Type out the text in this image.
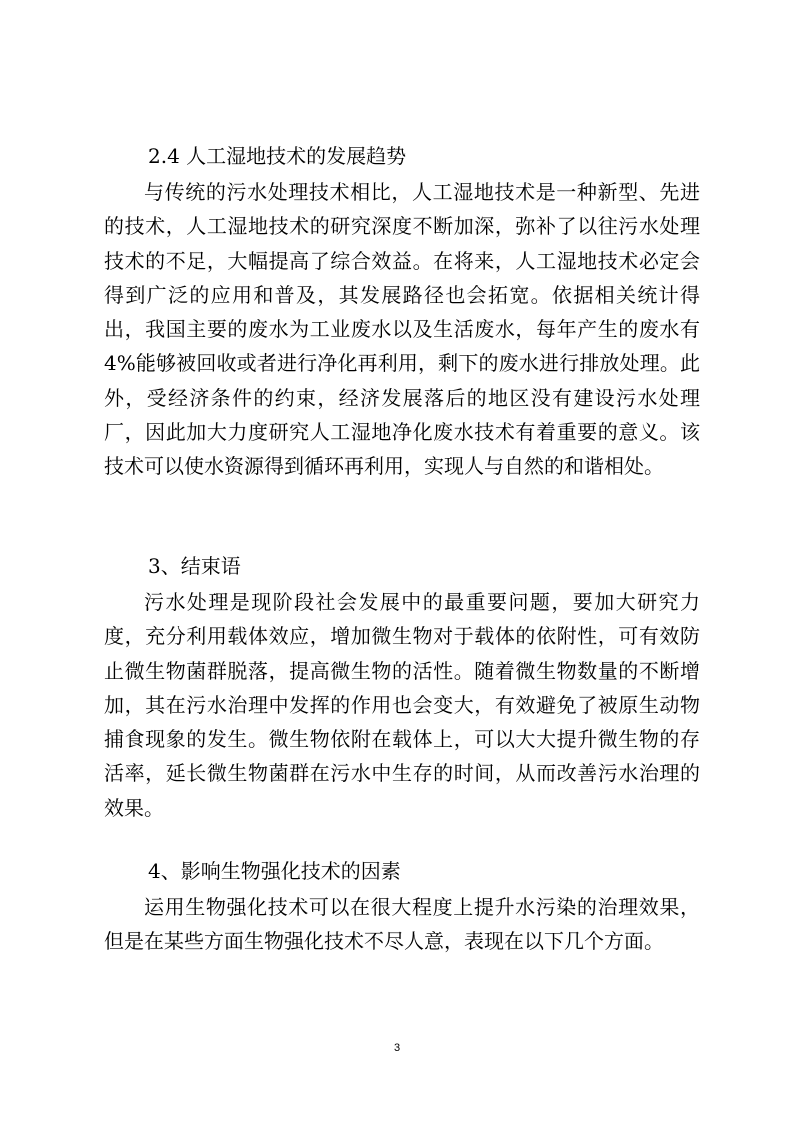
2.4 人工湿地技术的发展趋势
与传统的污水处理技术相比，人工湿地技术是一种新型、先进的技术，人工湿地技术的研究深度不断加深，弥补了以往污水处理技术的不足，大幅提高了综合效益。在将来，人工湿地技术必定会得到广泛的应用和普及，其发展路径也会拓宽。依据相关统计得出，我国主要的废水为工业废水以及生活废水，每年产生的废水有 4%能够被回收或者进行净化再利用，剩下的废水进行排放处理。此外，受经济条件的约束，经济发展落后的地区没有建设污水处理厂，因此加大力度研究人工湿地净化废水技术有着重要的意义。该技术可以使水资源得到循环再利用，实现人与自然的和谐相处。
3、结束语
污水处理是现阶段社会发展中的最重要问题，要加大研究力度，充分利用载体效应，增加微生物对于载体的依附性，可有效防止微生物菌群脱落，提高微生物的活性。随着微生物数量的不断增加，其在污水治理中发挥的作用也会变大，有效避免了被原生动物捕食现象的发生。微生物依附在载体上，可以大大提升微生物的存活率，延长微生物菌群在污水中生存的时间，从而改善污水治理的效果。
4、影响生物强化技术的因素
运用生物强化技术可以在很大程度上提升水污染的治理效果，但是在某些方面生物强化技术不尽人意，表现在以下几个方面。
3
